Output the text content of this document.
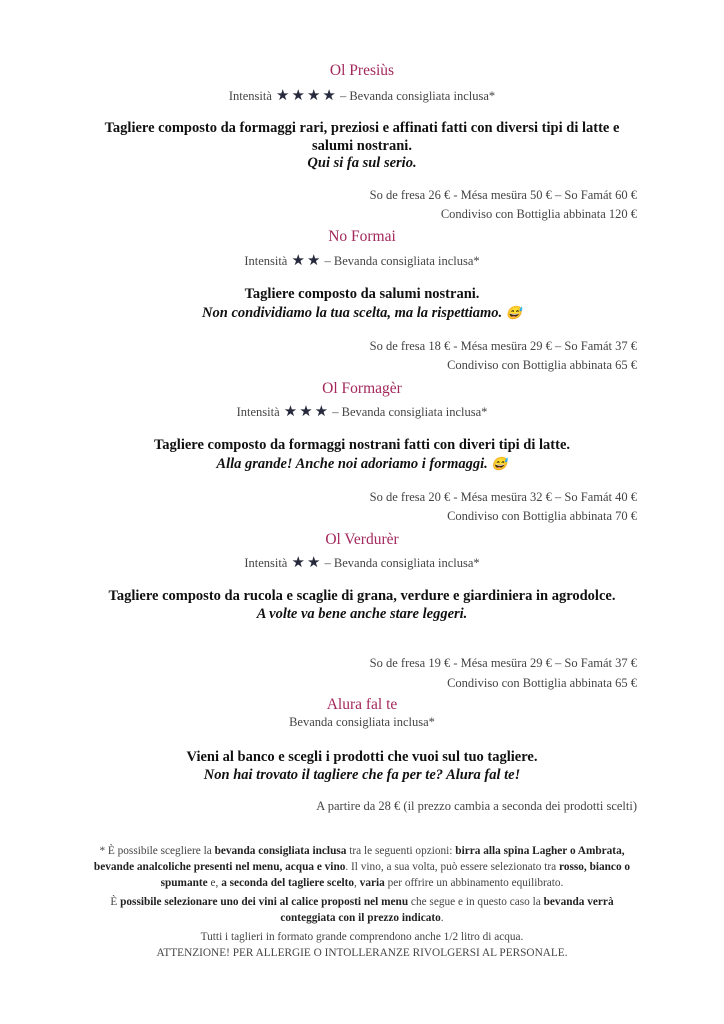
Ol Presiùs
Intensità ★ ★ ★ ★ – Bevanda consigliata inclusa*
Tagliere composto da formaggi rari, preziosi e affinati fatti con diversi tipi di latte e salumi nostrani.
Qui si fa sul serio.
So de fresa 26 € - Mésa mesüra 50 € – So Famát 60 €
Condiviso con Bottiglia abbinata 120 €
No Formai
Intensità ★ ★ – Bevanda consigliata inclusa*
Tagliere composto da salumi nostrani.
Non condividiamo la tua scelta, ma la rispettiamo. 😅
So de fresa 18 € - Mésa mesüra 29 € – So Famát 37 €
Condiviso con Bottiglia abbinata 65 €
Ol Formagèr
Intensità ★ ★ ★ – Bevanda consigliata inclusa*
Tagliere composto da formaggi nostrani fatti con diveri tipi di latte.
Alla grande! Anche noi adoriamo i formaggi. 😅
So de fresa 20 € - Mésa mesüra 32 € – So Famát 40 €
Condiviso con Bottiglia abbinata 70 €
Ol Verdurèr
Intensità ★ ★ – Bevanda consigliata inclusa*
Tagliere composto da rucola e scaglie di grana, verdure e giardiniera in agrodolce.
A volte va bene anche stare leggeri.
So de fresa 19 € - Mésa mesüra 29 € – So Famát 37 €
Condiviso con Bottiglia abbinata 65 €
Alura fal te
Bevanda consigliata inclusa*
Vieni al banco e scegli i prodotti che vuoi sul tuo tagliere.
Non hai trovato il tagliere che fa per te? Alura fal te!
A partire da 28 € (il prezzo cambia a seconda dei prodotti scelti)
* È possibile scegliere la bevanda consigliata inclusa tra le seguenti opzioni: birra alla spina Lagher o Ambrata, bevande analcoliche presenti nel menu, acqua e vino. Il vino, a sua volta, può essere selezionato tra rosso, bianco o spumante e, a seconda del tagliere scelto, varia per offrire un abbinamento equilibrato.
È possibile selezionare uno dei vini al calice proposti nel menu che segue e in questo caso la bevanda verrà conteggiata con il prezzo indicato.
Tutti i taglieri in formato grande comprendono anche 1/2 litro di acqua.
ATTENZIONE! PER ALLERGIE O INTOLLERANZE RIVOLGERSI AL PERSONALE.
